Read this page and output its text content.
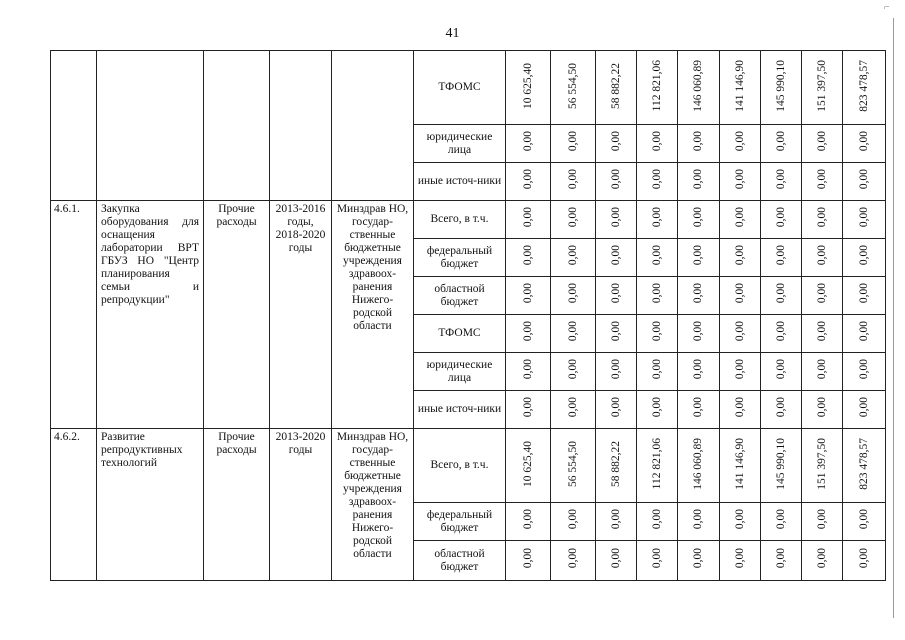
⌐
41
					ТФОМС	10 625,40	56 554,50	58 882,22	112 821,06	146 060,89	141 146,90	145 990,10	151 397,50	823 478,57
					юридические лица	0,00	0,00	0,00	0,00	0,00	0,00	0,00	0,00	0,00
					иные источ-ники	0,00	0,00	0,00	0,00	0,00	0,00	0,00	0,00	0,00
4.6.1.	Закупка оборудования для оснащения лаборатории ВРТ ГБУЗ НО "Центр планирования семьи и репродукции"	Прочие расходы	2013-2016 годы, 2018-2020 годы	Минздрав НО, государ-ственные бюджетные учреждения здравоох-ранения Нижего-родской области	Всего, в т.ч.	0,00	0,00	0,00	0,00	0,00	0,00	0,00	0,00	0,00
					федеральный бюджет	0,00	0,00	0,00	0,00	0,00	0,00	0,00	0,00	0,00
					областной бюджет	0,00	0,00	0,00	0,00	0,00	0,00	0,00	0,00	0,00
					ТФОМС	0,00	0,00	0,00	0,00	0,00	0,00	0,00	0,00	0,00
					юридические лица	0,00	0,00	0,00	0,00	0,00	0,00	0,00	0,00	0,00
					иные источ-ники	0,00	0,00	0,00	0,00	0,00	0,00	0,00	0,00	0,00
4.6.2.	Развитие репродуктивных технологий	Прочие расходы	2013-2020 годы	Минздрав НО, государ-ственные бюджетные учреждения здравоох-ранения Нижего-родской области	Всего, в т.ч.	10 625,40	56 554,50	58 882,22	112 821,06	146 060,89	141 146,90	145 990,10	151 397,50	823 478,57
					федеральный бюджет	0,00	0,00	0,00	0,00	0,00	0,00	0,00	0,00	0,00
					областной бюджет	0,00	0,00	0,00	0,00	0,00	0,00	0,00	0,00	0,00
